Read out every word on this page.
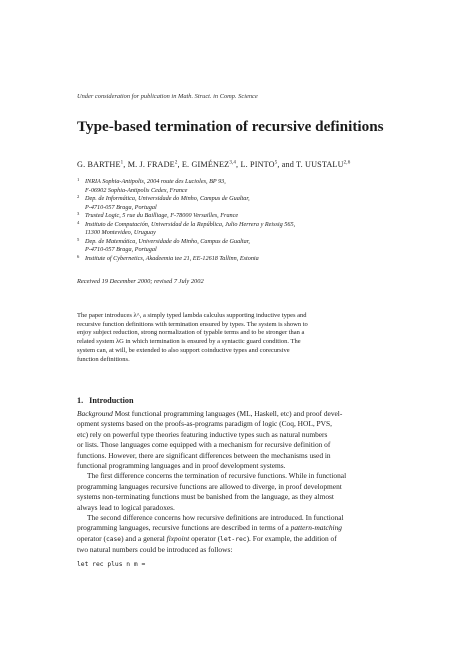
Under consideration for publication in Math. Struct. in Comp. Science
Type-based termination of recursive definitions
G. BARTHE$^1$, M. J. FRADE$^2$, E. GIMÉNEZ$^{3,4}$, L. PINTO$^5$, and T. UUSTALU$^{2,6}$
1 INRIA Sophia-Antipolis, 2004 route des Lucioles, BP 93,
F-06902 Sophia-Antipolis Cedex, France
2 Dep. de Informática, Universidade do Minho, Campus de Gualtar,
P-4710-057 Braga, Portugal
3 Trusted Logic, 5 rue du Bailliage, F-78000 Versailles, France
4 Instituto de Computación, Universidad de la República, Julio Herrera y Reissig 565,
11300 Montevideo, Uruguay
5 Dep. de Matemática, Universidade do Minho, Campus de Gualtar,
P-4710-057 Braga, Portugal
6 Institute of Cybernetics, Akadeemia tee 21, EE-12618 Tallinn, Estonia
Received 19 December 2000; revised 7 July 2002
The paper introduces λ^, a simply typed lambda calculus supporting inductive types and
recursive function definitions with termination ensured by types. The system is shown to
enjoy subject reduction, strong normalization of typable terms and to be stronger than a
related system λG in which termination is ensured by a syntactic guard condition. The
system can, at will, be extended to also support coinductive types and corecursive
function definitions.
1. Introduction
Background Most functional programming languages (ML, Haskell, etc) and proof devel-
opment systems based on the proofs-as-programs paradigm of logic (Coq, HOL, PVS,
etc) rely on powerful type theories featuring inductive types such as natural numbers
or lists. Those languages come equipped with a mechanism for recursive definition of
functions. However, there are significant differences between the mechanisms used in
functional programming languages and in proof development systems.
The first difference concerns the termination of recursive functions. While in functional
programming languages recursive functions are allowed to diverge, in proof development
systems non-terminating functions must be banished from the language, as they almost
always lead to logical paradoxes.
The second difference concerns how recursive definitions are introduced. In functional
programming languages, recursive functions are described in terms of a pattern-matching
operator (case) and a general fixpoint operator (let-rec). For example, the addition of
two natural numbers could be introduced as follows:
let rec plus n m =
